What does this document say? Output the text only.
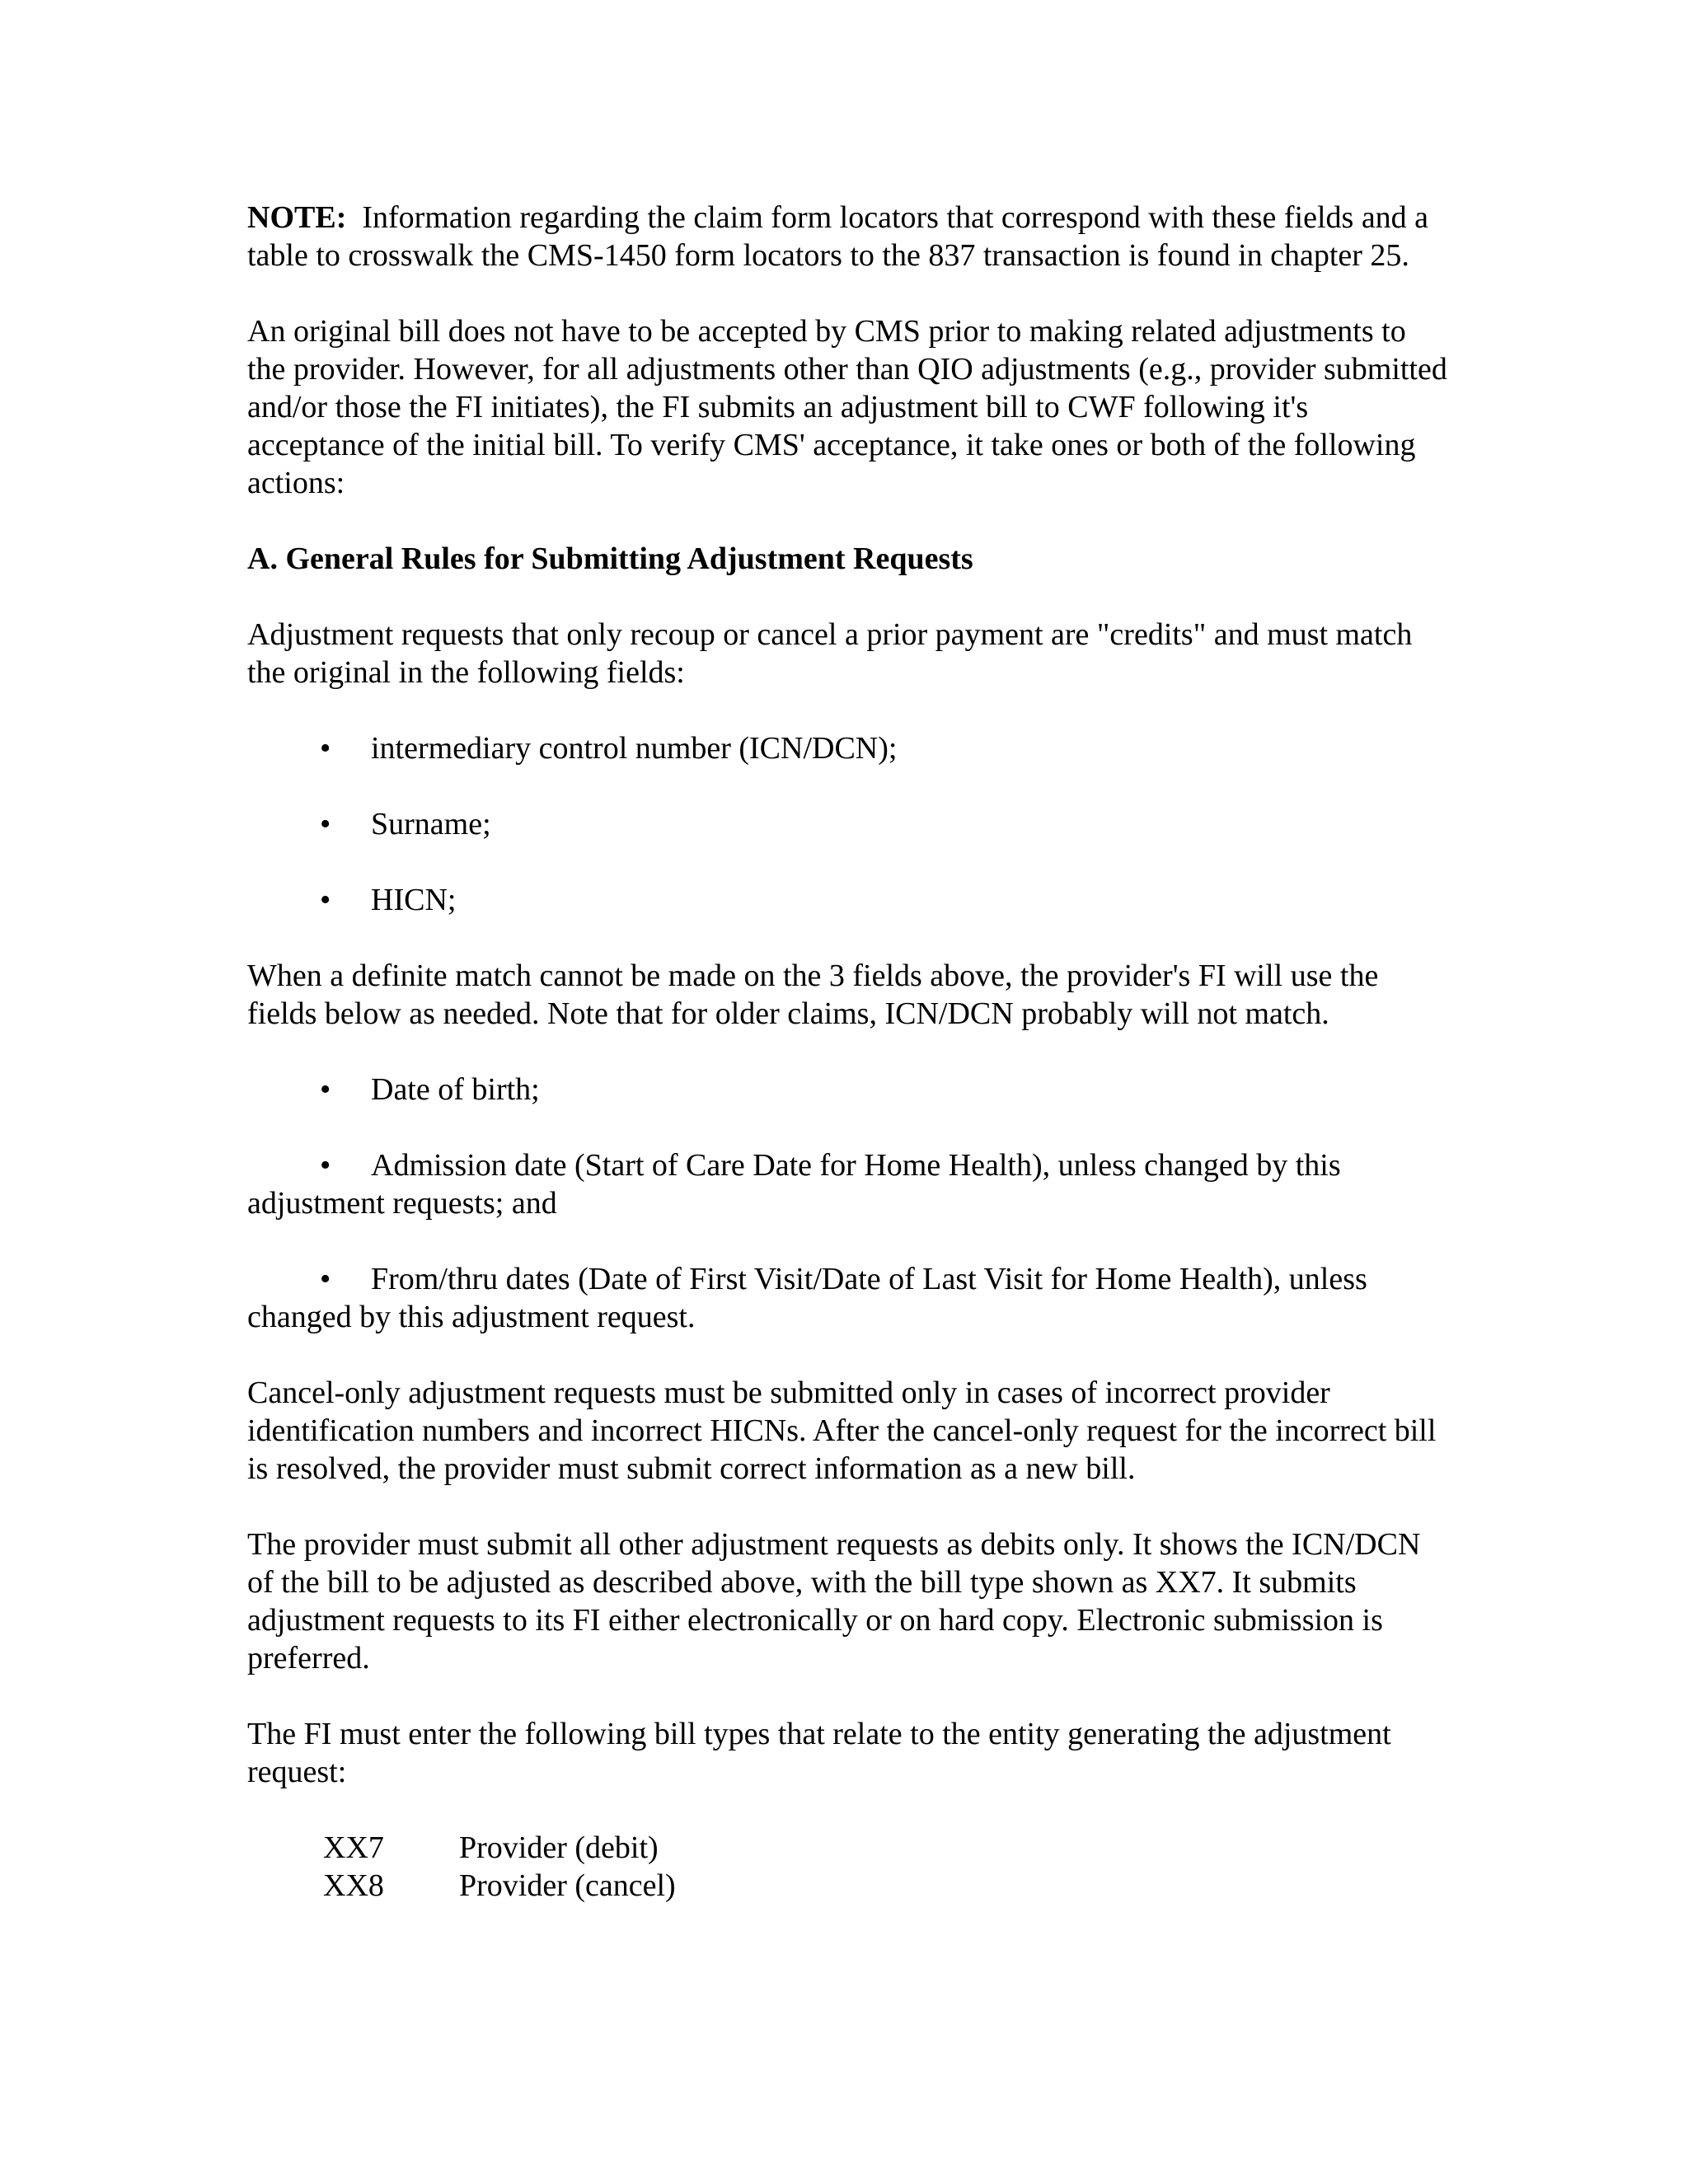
NOTE: Information regarding the claim form locators that correspond with these fields and a table to crosswalk the CMS-1450 form locators to the 837 transaction is found in chapter 25.

An original bill does not have to be accepted by CMS prior to making related adjustments to the provider. However, for all adjustments other than QIO adjustments (e.g., provider submitted and/or those the FI initiates), the FI submits an adjustment bill to CWF following it's acceptance of the initial bill. To verify CMS' acceptance, it take ones or both of the following actions:

A. General Rules for Submitting Adjustment Requests

Adjustment requests that only recoup or cancel a prior payment are "credits" and must match the original in the following fields:

• intermediary control number (ICN/DCN);
• Surname;
• HICN;

When a definite match cannot be made on the 3 fields above, the provider's FI will use the fields below as needed. Note that for older claims, ICN/DCN probably will not match.

• Date of birth;
• Admission date (Start of Care Date for Home Health), unless changed by this adjustment requests; and
• From/thru dates (Date of First Visit/Date of Last Visit for Home Health), unless changed by this adjustment request.

Cancel-only adjustment requests must be submitted only in cases of incorrect provider identification numbers and incorrect HICNs. After the cancel-only request for the incorrect bill is resolved, the provider must submit correct information as a new bill.

The provider must submit all other adjustment requests as debits only. It shows the ICN/DCN of the bill to be adjusted as described above, with the bill type shown as XX7. It submits adjustment requests to its FI either electronically or on hard copy. Electronic submission is preferred.

The FI must enter the following bill types that relate to the entity generating the adjustment request:

XX7	Provider (debit)
XX8	Provider (cancel)
